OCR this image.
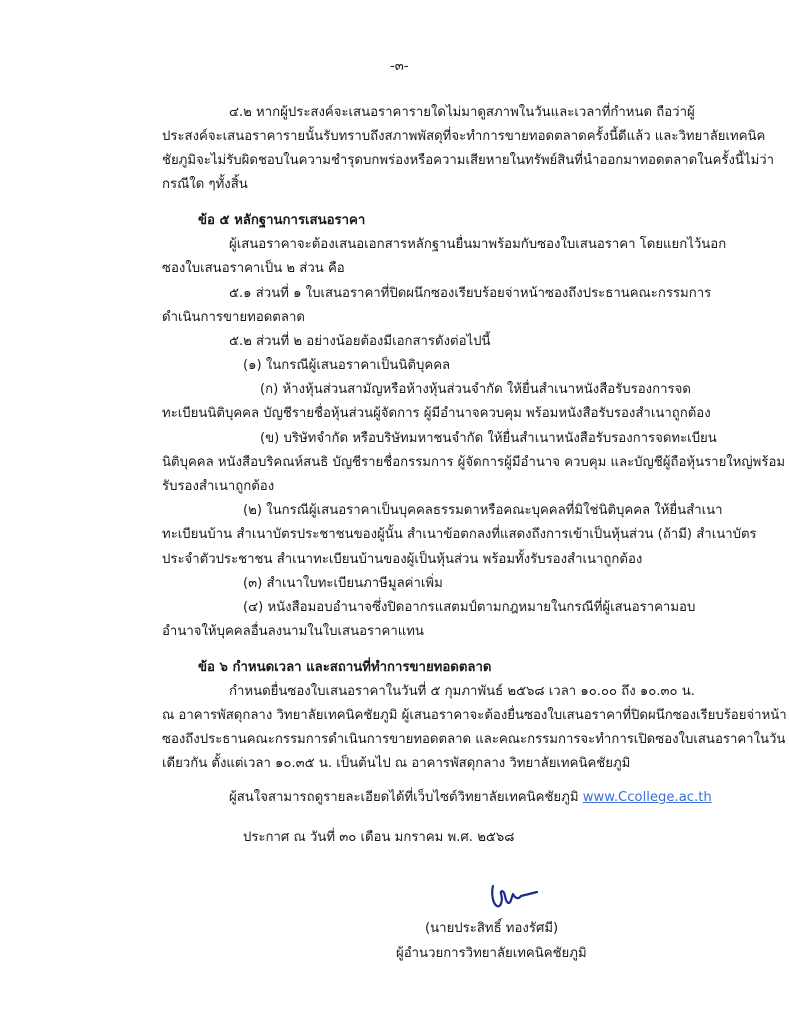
-๓-
๔.๒ หากผู้ประสงค์จะเสนอราคารายใดไม่มาดูสภาพในวันและเวลาที่กำหนด ถือว่าผู้
ประสงค์จะเสนอราคารายนั้นรับทราบถึงสภาพพัสดุที่จะทำการขายทอดตลาดครั้งนี้ดีแล้ว และวิทยาลัยเทคนิค
ชัยภูมิจะไม่รับผิดชอบในความชำรุดบกพร่องหรือความเสียหายในทรัพย์สินที่นำออกมาทอดตลาดในครั้งนี้ไม่ว่า
กรณีใด ๆทั้งสิ้น
ข้อ ๕ หลักฐานการเสนอราคา
ผู้เสนอราคาจะต้องเสนอเอกสารหลักฐานยื่นมาพร้อมกับซองใบเสนอราคา โดยแยกไว้นอก
ซองใบเสนอราคาเป็น ๒ ส่วน คือ
๕.๑ ส่วนที่ ๑ ใบเสนอราคาที่ปิดผนึกซองเรียบร้อยจ่าหน้าซองถึงประธานคณะกรรมการ
ดำเนินการขายทอดตลาด
๕.๒ ส่วนที่ ๒ อย่างน้อยต้องมีเอกสารดังต่อไปนี้
(๑) ในกรณีผู้เสนอราคาเป็นนิติบุคคล
(ก) ห้างหุ้นส่วนสามัญหรือห้างหุ้นส่วนจำกัด ให้ยื่นสำเนาหนังสือรับรองการจด
ทะเบียนนิติบุคคล บัญชีรายชื่อหุ้นส่วนผู้จัดการ ผู้มีอำนาจควบคุม พร้อมหนังสือรับรองสำเนาถูกต้อง
(ข) บริษัทจำกัด หรือบริษัทมหาชนจำกัด ให้ยื่นสำเนาหนังสือรับรองการจดทะเบียน
นิติบุคคล หนังสือบริคณห์สนธิ บัญชีรายชื่อกรรมการ ผู้จัดการผู้มีอำนาจ ควบคุม และบัญชีผู้ถือหุ้นรายใหญ่พร้อม
รับรองสำเนาถูกต้อง
(๒) ในกรณีผู้เสนอราคาเป็นบุคคลธรรมดาหรือคณะบุคคลที่มิใช่นิติบุคคล ให้ยื่นสำเนา
ทะเบียนบ้าน สำเนาบัตรประชาชนของผู้นั้น สำเนาข้อตกลงที่แสดงถึงการเข้าเป็นหุ้นส่วน (ถ้ามี) สำเนาบัตร
ประจำตัวประชาชน สำเนาทะเบียนบ้านของผู้เป็นหุ้นส่วน พร้อมทั้งรับรองสำเนาถูกต้อง
(๓) สำเนาใบทะเบียนภาษีมูลค่าเพิ่ม
(๔) หนังสือมอบอำนาจซึ่งปิดอากรแสตมป์ตามกฎหมายในกรณีที่ผู้เสนอราคามอบ
อำนาจให้บุคคลอื่นลงนามในใบเสนอราคาแทน
ข้อ ๖ กำหนดเวลา และสถานที่ทำการขายทอดตลาด
กำหนดยื่นซองใบเสนอราคาในวันที่ ๕ กุมภาพันธ์ ๒๕๖๘ เวลา ๑๐.๐๐ ถึง ๑๐.๓๐ น.
ณ อาคารพัสดุกลาง วิทยาลัยเทคนิคชัยภูมิ ผู้เสนอราคาจะต้องยื่นซองใบเสนอราคาที่ปิดผนึกซองเรียบร้อยจ่าหน้า
ซองถึงประธานคณะกรรมการดำเนินการขายทอดตลาด และคณะกรรมการจะทำการเปิดซองใบเสนอราคาในวัน
เดียวกัน ตั้งแต่เวลา ๑๐.๓๕ น. เป็นต้นไป ณ อาคารพัสดุกลาง วิทยาลัยเทคนิคชัยภูมิ
ผู้สนใจสามารถดูรายละเอียดได้ที่เว็บไซต์วิทยาลัยเทคนิคชัยภูมิ www.Ccollege.ac.th
ประกาศ ณ วันที่ ๓๐ เดือน มกราคม พ.ศ. ๒๕๖๘
(นายประสิทธิ์ ทองรัศมี)
ผู้อำนวยการวิทยาลัยเทคนิคชัยภูมิ
